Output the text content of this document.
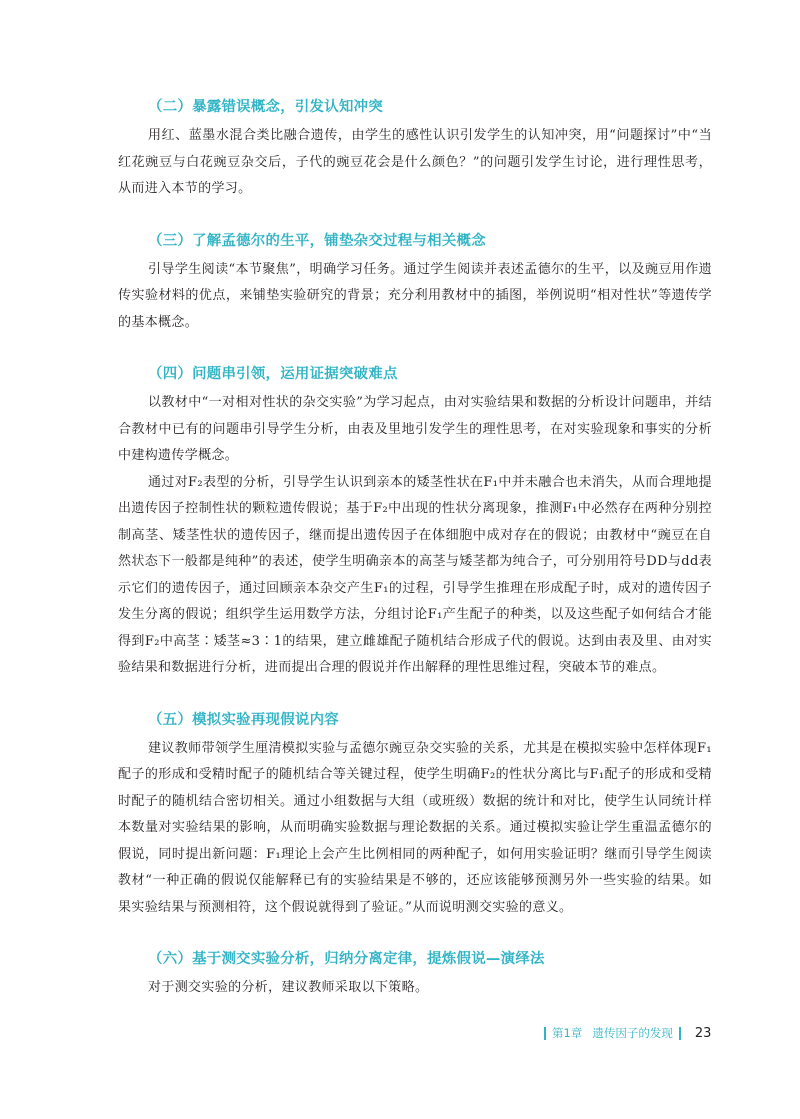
（二）暴露错误概念，引发认知冲突

用红、蓝墨水混合类比融合遗传，由学生的感性认识引发学生的认知冲突，用“问题探讨”中“当红花豌豆与白花豌豆杂交后，子代的豌豆花会是什么颜色？”的问题引发学生讨论，进行理性思考，从而进入本节的学习。

（三）了解孟德尔的生平，铺垫杂交过程与相关概念

引导学生阅读“本节聚焦”，明确学习任务。通过学生阅读并表述孟德尔的生平，以及豌豆用作遗传实验材料的优点，来铺垫实验研究的背景；充分利用教材中的插图，举例说明“相对性状”等遗传学的基本概念。

（四）问题串引领，运用证据突破难点

以教材中“一对相对性状的杂交实验”为学习起点，由对实验结果和数据的分析设计问题串，并结合教材中已有的问题串引导学生分析，由表及里地引发学生的理性思考，在对实验现象和事实的分析中建构遗传学概念。

通过对F₂表型的分析，引导学生认识到亲本的矮茎性状在F₁中并未融合也未消失，从而合理地提出遗传因子控制性状的颗粒遗传假说；基于F₂中出现的性状分离现象，推测F₁中必然存在两种分别控制高茎、矮茎性状的遗传因子，继而提出遗传因子在体细胞中成对存在的假说；由教材中“豌豆在自然状态下一般都是纯种”的表述，使学生明确亲本的高茎与矮茎都为纯合子，可分别用符号DD与dd表示它们的遗传因子，通过回顾亲本杂交产生F₁的过程，引导学生推理在形成配子时，成对的遗传因子发生分离的假说；组织学生运用数学方法，分组讨论F₁产生配子的种类，以及这些配子如何结合才能得到F₂中高茎∶矮茎≈3∶1的结果，建立雌雄配子随机结合形成子代的假说。达到由表及里、由对实验结果和数据进行分析，进而提出合理的假说并作出解释的理性思维过程，突破本节的难点。

（五）模拟实验再现假说内容

建议教师带领学生厘清模拟实验与孟德尔豌豆杂交实验的关系，尤其是在模拟实验中怎样体现F₁配子的形成和受精时配子的随机结合等关键过程，使学生明确F₂的性状分离比与F₁配子的形成和受精时配子的随机结合密切相关。通过小组数据与大组（或班级）数据的统计和对比，使学生认同统计样本数量对实验结果的影响，从而明确实验数据与理论数据的关系。通过模拟实验让学生重温孟德尔的假说，同时提出新问题：F₁理论上会产生比例相同的两种配子，如何用实验证明？继而引导学生阅读教材“一种正确的假说仅能解释已有的实验结果是不够的，还应该能够预测另外一些实验的结果。如果实验结果与预测相符，这个假说就得到了验证。”从而说明测交实验的意义。

（六）基于测交实验分析，归纳分离定律，提炼假说—演绎法

对于测交实验的分析，建议教师采取以下策略。

第1章 遗传因子的发现 23
